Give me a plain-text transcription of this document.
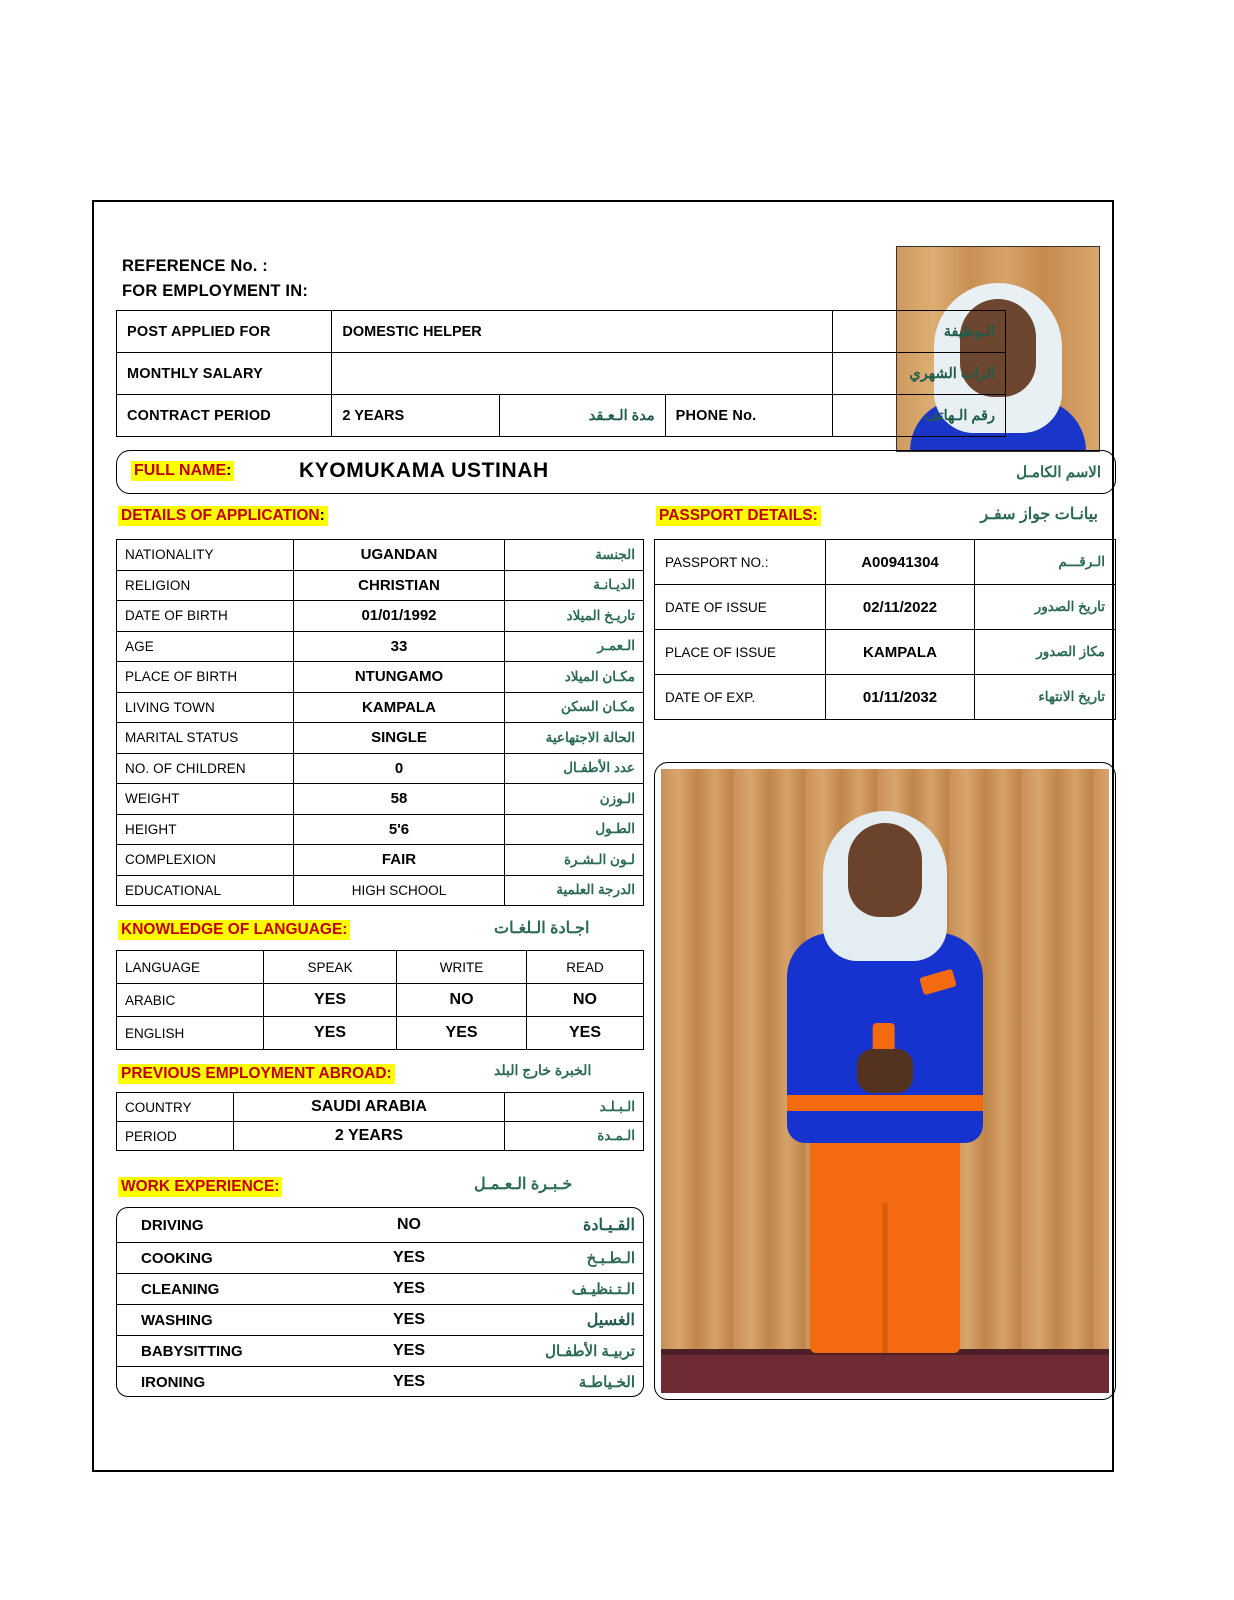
REFERENCE No. :
FOR EMPLOYMENT IN:
POST APPLIED FOR	DOMESTIC HELPER			الـوظيفة
MONTHLY SALARY				الرات الشهري
CONTRACT PERIOD	2 YEARS	مدة الـعـقد	PHONE No.	رقم الـهاتف
FULL NAME:	KYOMUKAMA USTINAH	الاسم الكامـل
DETAILS OF APPLICATION:	PASSPORT DETAILS:	بيانـات جواز سفـر
NATIONALITY	UGANDAN	الجنسة
RELIGION	CHRISTIAN	الديـانـة
DATE OF BIRTH	01/01/1992	تاريـخ الميلاد
AGE	33	الـعمـر
PLACE OF BIRTH	NTUNGAMO	مكـان الميلاد
LIVING TOWN	KAMPALA	مكـان السكن
MARITAL STATUS	SINGLE	الحالة الاجتهاعية
NO. OF CHILDREN	0	عدد الأطفـال
WEIGHT	58	الـوزن
HEIGHT	5'6	الطـول
COMPLEXION	FAIR	لـون الـشـرة
EDUCATIONAL	HIGH SCHOOL	الدرجة العلمية
PASSPORT NO.:	A00941304	الـرقـــم
DATE OF ISSUE	02/11/2022	تاريخ الصدور
PLACE OF ISSUE	KAMPALA	مكاز الصدور
DATE OF EXP.	01/11/2032	تاريخ الانتهاء
KNOWLEDGE OF LANGUAGE:	اجـادة الـلغـات
LANGUAGE	SPEAK	WRITE	READ
ARABIC	YES	NO	NO
ENGLISH	YES	YES	YES
PREVIOUS EMPLOYMENT ABROAD:	الخبرة خارج البلد
COUNTRY	SAUDI ARABIA	الـبـلـد
PERIOD	2 YEARS	الـمـدة
WORK EXPERIENCE:	خـبـرة الـعـمـل
DRIVING	NO	القـيـادة
COOKING	YES	الـطـبـخ
CLEANING	YES	الـتـنظيـف
WASHING	YES	الغسيل
BABYSITTING	YES	تربيـة الأطفـال
IRONING	YES	الخـياطـة
